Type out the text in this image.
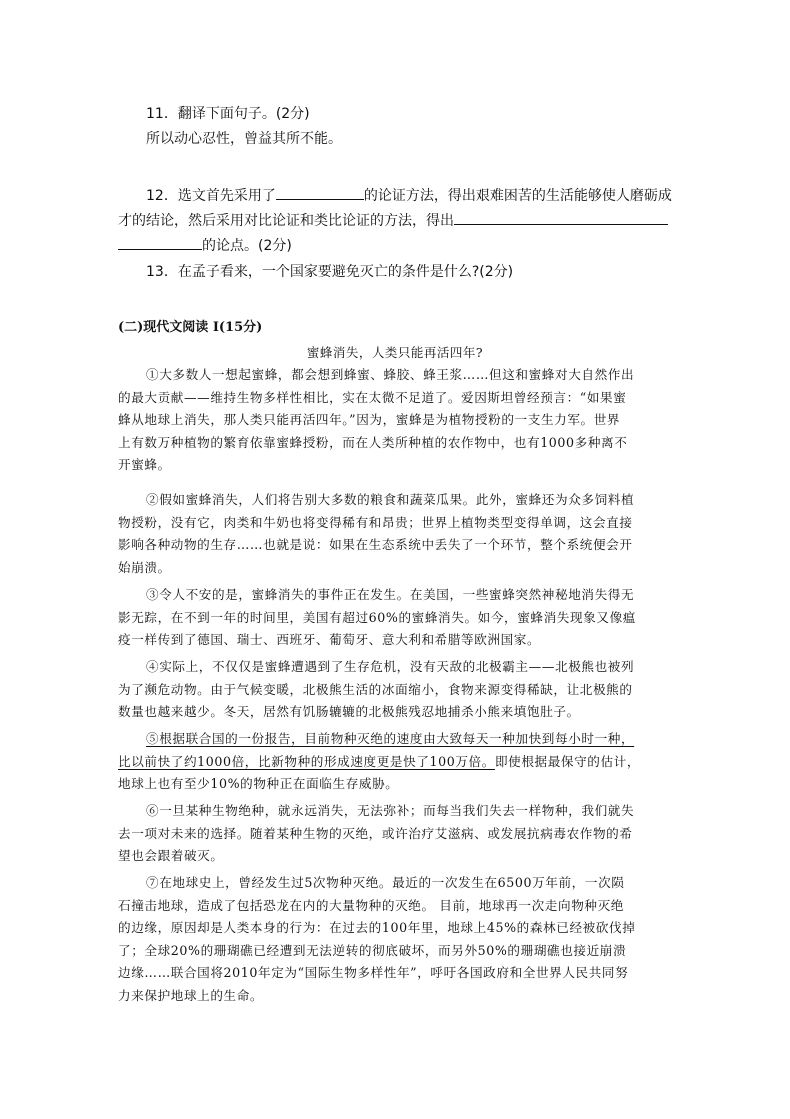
11．翻译下面句子。(2分)
所以动心忍性，曾益其所不能。
12．选文首先采用了	的论证方法，得出艰难困苦的生活能够使人磨砺成
才的结论，然后采用对比论证和类比论证的方法，得出
的论点。(2分)
13．在孟子看来，一个国家要避免灭亡的条件是什么?(2分)
(二)现代文阅读 I(15分)
蜜蜂消失，人类只能再活四年?
①大多数人一想起蜜蜂，都会想到蜂蜜、蜂胶、蜂王浆……但这和蜜蜂对大自然作出
的最大贡献——维持生物多样性相比，实在太微不足道了。爱因斯坦曾经预言：“如果蜜
蜂从地球上消失，那人类只能再活四年。”因为，蜜蜂是为植物授粉的一支生力军。世界
上有数万种植物的繁育依靠蜜蜂授粉，而在人类所种植的农作物中，也有1000多种离不
开蜜蜂。
②假如蜜蜂消失，人们将告别大多数的粮食和蔬菜瓜果。此外，蜜蜂还为众多饲料植
物授粉，没有它，肉类和牛奶也将变得稀有和昂贵；世界上植物类型变得单调，这会直接
影响各种动物的生存……也就是说：如果在生态系统中丢失了一个环节，整个系统便会开
始崩溃。
③令人不安的是，蜜蜂消失的事件正在发生。在美国，一些蜜蜂突然神秘地消失得无
影无踪，在不到一年的时间里，美国有超过60%的蜜蜂消失。如今，蜜蜂消失现象又像瘟
疫一样传到了德国、瑞士、西班牙、葡萄牙、意大利和希腊等欧洲国家。
④实际上，不仅仅是蜜蜂遭遇到了生存危机，没有天敌的北极霸主——北极熊也被列
为了濒危动物。由于气候变暖，北极熊生活的冰面缩小，食物来源变得稀缺，让北极熊的
数量也越来越少。冬天，居然有饥肠辘辘的北极熊残忍地捕杀小熊来填饱肚子。
⑤根据联合国的一份报告，目前物种灭绝的速度由大致每天一种加快到每小时一种，
比以前快了约1000倍，比新物种的形成速度更是快了100万倍。即使根据最保守的估计，
地球上也有至少10%的物种正在面临生存威胁。
⑥一旦某种生物绝种，就永远消失，无法弥补；而每当我们失去一样物种，我们就失
去一项对未来的选择。随着某种生物的灭绝，或许治疗艾滋病、或发展抗病毒农作物的希
望也会跟着破灭。
⑦在地球史上，曾经发生过5次物种灭绝。最近的一次发生在6500万年前，一次陨
石撞击地球，造成了包括恐龙在内的大量物种的灭绝。 目前，地球再一次走向物种灭绝
的边缘，原因却是人类本身的行为：在过去的100年里，地球上45%的森林已经被砍伐掉
了；全球20%的珊瑚礁已经遭到无法逆转的彻底破坏，而另外50%的珊瑚礁也接近崩溃
边缘……联合国将2010年定为“国际生物多样性年”，呼吁各国政府和全世界人民共同努
力来保护地球上的生命。
